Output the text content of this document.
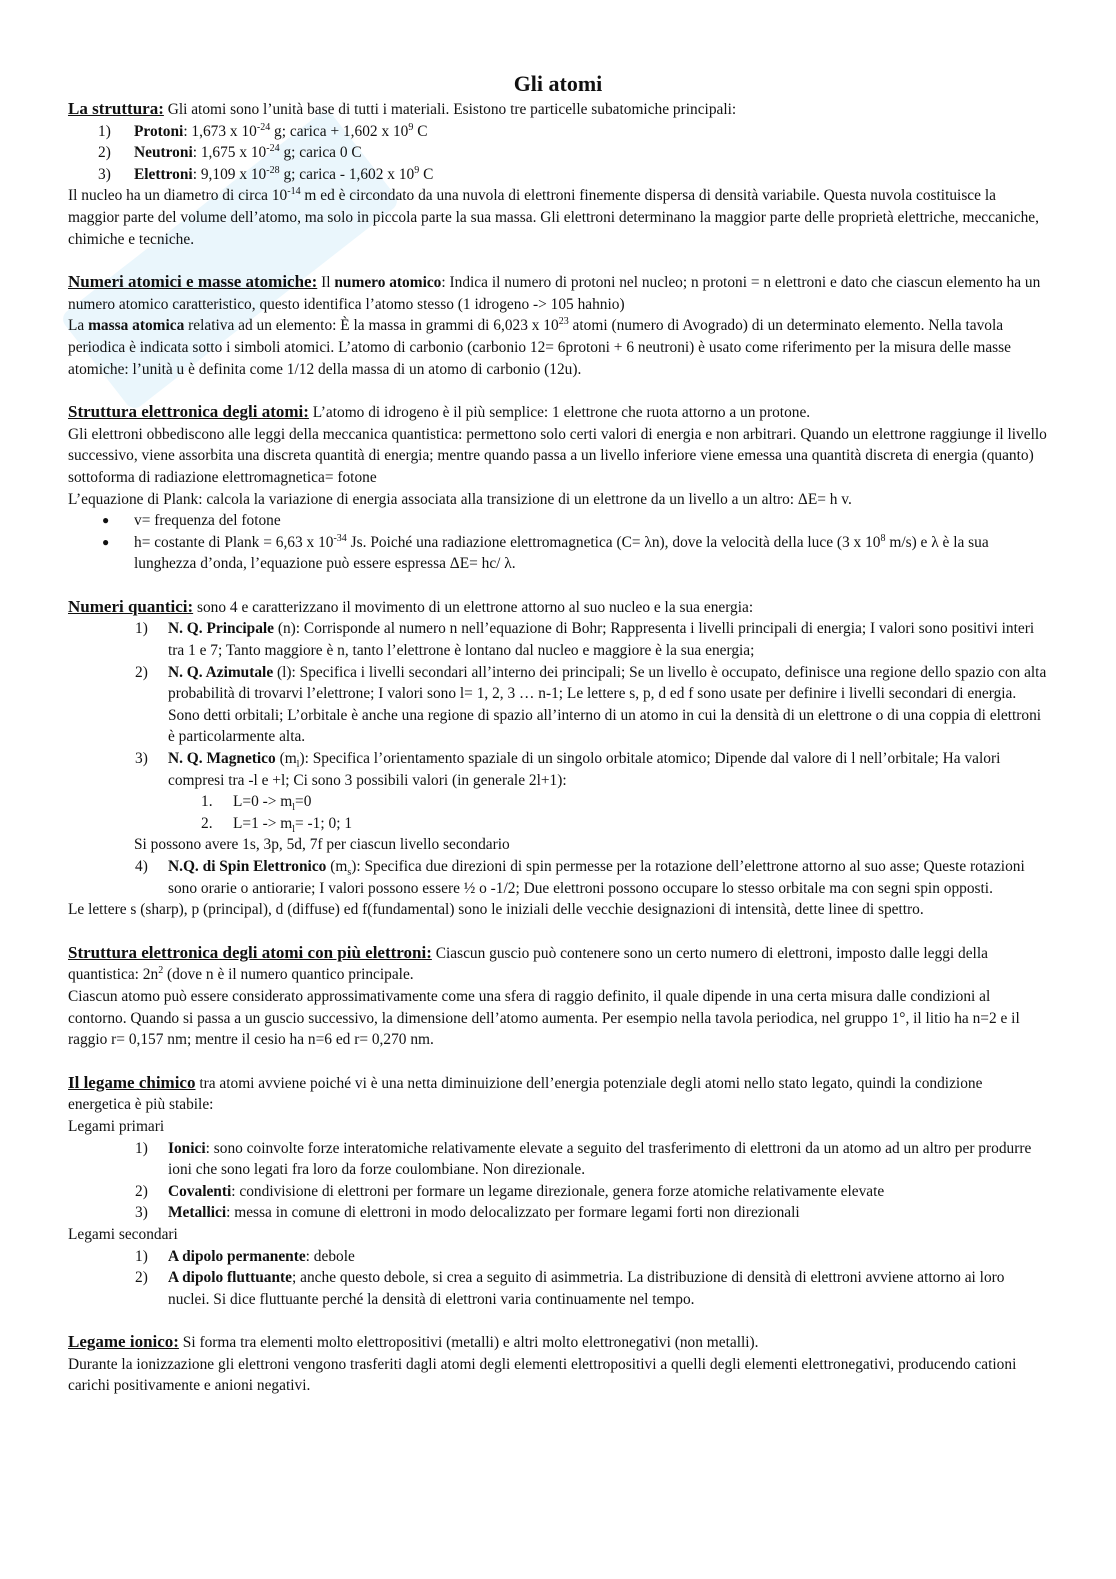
Gli atomi

La struttura: Gli atomi sono l’unità base di tutti i materiali. Esistono tre particelle subatomiche principali:

1) Protoni: 1,673 x $10^{-24}$ g; carica + 1,602 x $10^9$ C
2) Neutroni: 1,675 x $10^{-24}$ g; carica 0 C
3) Elettroni: 9,109 x $10^{-28}$ g; carica - 1,602 x $10^9$ C

Il nucleo ha un diametro di circa $10^{-14}$ m ed è circondato da una nuvola di elettroni finemente dispersa di densità variabile. Questa nuvola costituisce la maggior parte del volume dell’atomo, ma solo in piccola parte la sua massa. Gli elettroni determinano la maggior parte delle proprietà elettriche, meccaniche, chimiche e tecniche.

Numeri atomici e masse atomiche: Il numero atomico: Indica il numero di protoni nel nucleo; n protoni = n elettroni e dato che ciascun elemento ha un numero atomico caratteristico, questo identifica l’atomo stesso (1 idrogeno -> 105 hahnio)

La massa atomica relativa ad un elemento: È la massa in grammi di 6,023 x $10^{23}$ atomi (numero di Avogrado) di un determinato elemento. Nella tavola periodica è indicata sotto i simboli atomici. L’atomo di carbonio (carbonio 12= 6protoni + 6 neutroni) è usato come riferimento per la misura delle masse atomiche: l’unità u è definita come 1/12 della massa di un atomo di carbonio (12u).

Struttura elettronica degli atomi: L’atomo di idrogeno è il più semplice: 1 elettrone che ruota attorno a un protone.

Gli elettroni obbediscono alle leggi della meccanica quantistica: permettono solo certi valori di energia e non arbitrari. Quando un elettrone raggiunge il livello successivo, viene assorbita una discreta quantità di energia; mentre quando passa a un livello inferiore viene emessa una quantità discreta di energia (quanto) sottoforma di radiazione elettromagnetica= fotone

L’equazione di Plank: calcola la variazione di energia associata alla transizione di un elettrone da un livello a un altro: ΔE= h v.

● v= frequenza del fotone
● h= costante di Plank = 6,63 x $10^{-34}$ Js. Poiché una radiazione elettromagnetica (C= λn), dove la velocità della luce (3 x $10^8$ m/s) e λ è la sua lunghezza d’onda, l’equazione può essere espressa ΔE= hc/ λ.

Numeri quantici: sono 4 e caratterizzano il movimento di un elettrone attorno al suo nucleo e la sua energia:

1) N. Q. Principale (n): Corrisponde al numero n nell’equazione di Bohr; Rappresenta i livelli principali di energia; I valori sono positivi interi tra 1 e 7; Tanto maggiore è n, tanto l’elettrone è lontano dal nucleo e maggiore è la sua energia;
2) N. Q. Azimutale (l): Specifica i livelli secondari all’interno dei principali; Se un livello è occupato, definisce una regione dello spazio con alta probabilità di trovarvi l’elettrone; I valori sono l= 1, 2, 3 … n-1; Le lettere s, p, d ed f sono usate per definire i livelli secondari di energia. Sono detti orbitali; L’orbitale è anche una regione di spazio all’interno di un atomo in cui la densità di un elettrone o di una coppia di elettroni è particolarmente alta.
3) N. Q. Magnetico $(m_l)$: Specifica l’orientamento spaziale di un singolo orbitale atomico; Dipende dal valore di l nell’orbitale; Ha valori compresi tra -l e +l; Ci sono 3 possibili valori (in generale 2l+1):
1. $L=0 -> m_l=0$
2. $L=1 -> m_l= -1$; 0; 1

Si possono avere 1s, 3p, 5d, 7f per ciascun livello secondario

4) N.Q. di Spin Elettronico $(m_s)$: Specifica due direzioni di spin permesse per la rotazione dell’elettrone attorno al suo asse; Queste rotazioni sono orarie o antiorarie; I valori possono essere ½ o -1/2; Due elettroni possono occupare lo stesso orbitale ma con segni spin opposti.

Le lettere s (sharp), p (principal), d (diffuse) ed f(fundamental) sono le iniziali delle vecchie designazioni di intensità, dette linee di spettro.

Struttura elettronica degli atomi con più elettroni: Ciascun guscio può contenere sono un certo numero di elettroni, imposto dalle leggi della quantistica: $2n^2$ (dove n è il numero quantico principale.

Ciascun atomo può essere considerato approssimativamente come una sfera di raggio definito, il quale dipende in una certa misura dalle condizioni al contorno. Quando si passa a un guscio successivo, la dimensione dell’atomo aumenta. Per esempio nella tavola periodica, nel gruppo 1°, il litio ha n=2 e il raggio r= 0,157 nm; mentre il cesio ha n=6 ed r= 0,270 nm.

Il legame chimico tra atomi avviene poiché vi è una netta diminuizione dell’energia potenziale degli atomi nello stato legato, quindi la condizione energetica è più stabile:

Legami primari

1) Ionici: sono coinvolte forze interatomiche relativamente elevate a seguito del trasferimento di elettroni da un atomo ad un altro per produrre ioni che sono legati fra loro da forze coulombiane. Non direzionale.
2) Covalenti: condivisione di elettroni per formare un legame direzionale, genera forze atomiche relativamente elevate
3) Metallici: messa in comune di elettroni in modo delocalizzato per formare legami forti non direzionali

Legami secondari

1) A dipolo permanente: debole
2) A dipolo fluttuante; anche questo debole, si crea a seguito di asimmetria. La distribuzione di densità di elettroni avviene attorno ai loro nuclei. Si dice fluttuante perché la densità di elettroni varia continuamente nel tempo.

Legame ionico: Si forma tra elementi molto elettropositivi (metalli) e altri molto elettronegativi (non metalli).

Durante la ionizzazione gli elettroni vengono trasferiti dagli atomi degli elementi elettropositivi a quelli degli elementi elettronegativi, producendo cationi carichi positivamente e anioni negativi.
